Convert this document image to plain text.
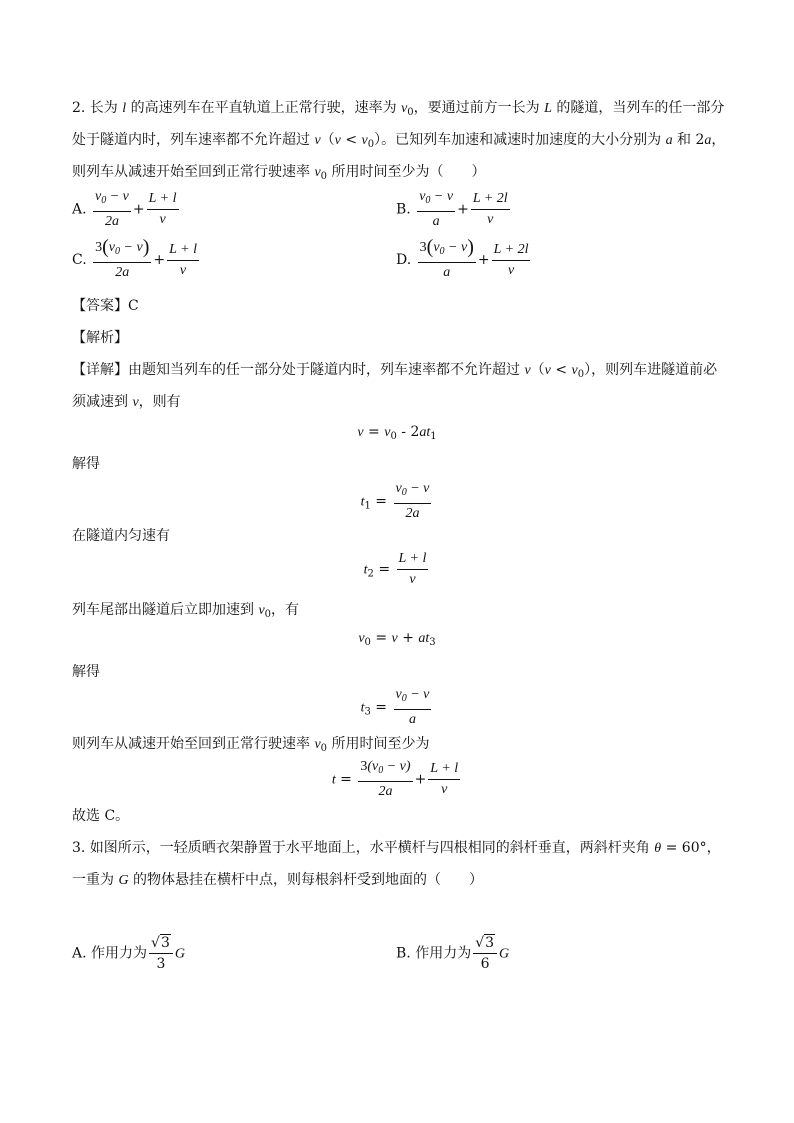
2. 长为 l 的高速列车在平直轨道上正常行驶，速率为 $v_0$，要通过前方一长为 L 的隧道，当列车的任一部分
处于隧道内时，列车速率都不允许超过 $v(v < v_0)$。已知列车加速和减速时加速度的大小分别为 a 和 2a，
则列车从减速开始至回到正常行驶速率 $v_0$ 所用时间至少为（　　）
A. $\frac{v_0 - v}{2a} + \frac{L + l}{v}$	B. $\frac{v_0 - v}{a} + \frac{L + 2l}{v}$
C. $\frac{3(v_0 - v)}{2a} + \frac{L + l}{v}$	D. $\frac{3(v_0 - v)}{a} + \frac{L + 2l}{v}$
【答案】C
【解析】
【详解】由题知当列车的任一部分处于隧道内时，列车速率都不允许超过 $v(v < v_0)$，则列车进隧道前必
须减速到 v，则有
$v = v_0 - 2at_1$
解得
$t_1 = \frac{v_0 - v}{2a}$
在隧道内匀速有
$t_2 = \frac{L + l}{v}$
列车尾部出隧道后立即加速到 $v_0$，有
$v_0 = v + at_3$
解得
$t_3 = \frac{v_0 - v}{a}$
则列车从减速开始至回到正常行驶速率 $v_0$ 所用时间至少为
$t = \frac{3(v_0 - v)}{2a} + \frac{L + l}{v}$
故选 C。
3. 如图所示，一轻质晒衣架静置于水平地面上，水平横杆与四根相同的斜杆垂直，两斜杆夹角 θ = 60°，
一重为 G 的物体悬挂在横杆中点，则每根斜杆受到地面的（　　）
A. 作用力为 $\frac{√3}{3}$ G	B. 作用力为 $\frac{√3}{6}$ G
